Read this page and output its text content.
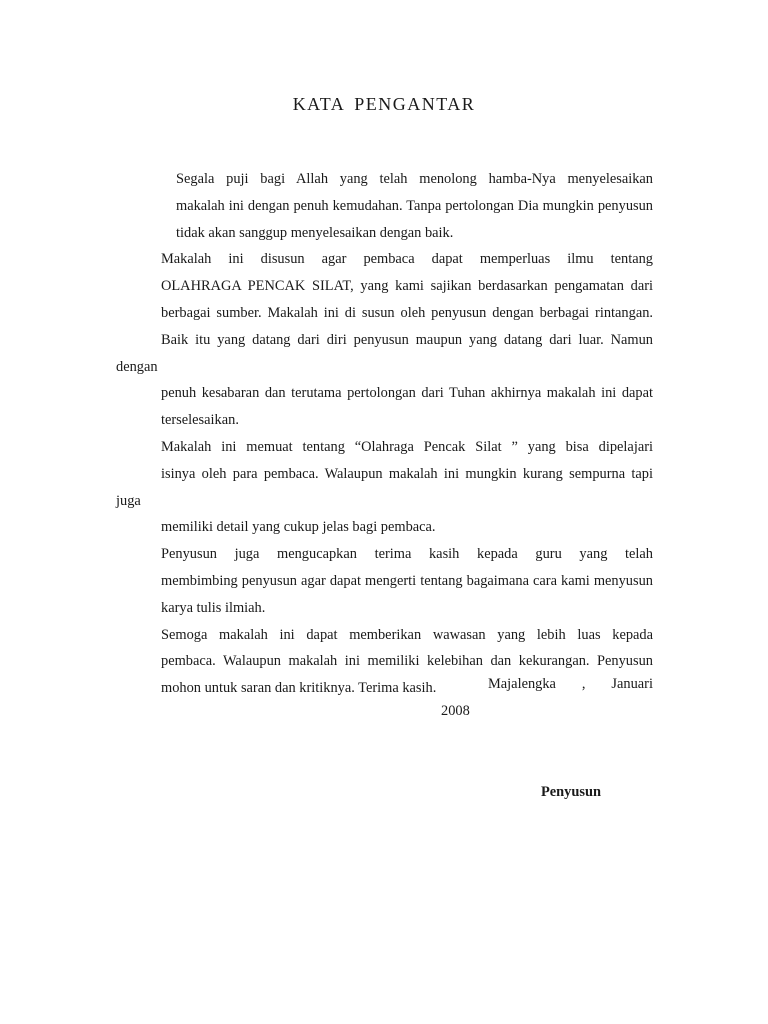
KATA PENGANTAR

Segala puji bagi Allah yang telah menolong hamba-Nya menyelesaikan
makalah ini dengan penuh kemudahan. Tanpa pertolongan Dia mungkin penyusun
tidak akan sanggup menyelesaikan dengan baik.

Makalah ini disusun agar pembaca dapat memperluas ilmu tentang
OLAHRAGA PENCAK SILAT, yang kami sajikan berdasarkan pengamatan dari
berbagai sumber. Makalah ini di susun oleh penyusun dengan berbagai rintangan.
Baik itu yang datang dari diri penyusun maupun yang datang dari luar. Namun dengan
penuh kesabaran dan terutama pertolongan dari Tuhan akhirnya makalah ini dapat
terselesaikan.

Makalah ini memuat tentang “Olahraga Pencak Silat ” yang bisa dipelajari
isinya oleh para pembaca. Walaupun makalah ini mungkin kurang sempurna tapi juga
memiliki detail yang cukup jelas bagi pembaca.

Penyusun juga mengucapkan terima kasih kepada guru yang telah
membimbing penyusun agar dapat mengerti tentang bagaimana cara kami menyusun
karya tulis ilmiah.

Semoga makalah ini dapat memberikan wawasan yang lebih luas kepada
pembaca. Walaupun makalah ini memiliki kelebihan dan kekurangan. Penyusun
mohon untuk saran dan kritiknya. Terima kasih.	Majalengka , Januari
2008
Penyusun
